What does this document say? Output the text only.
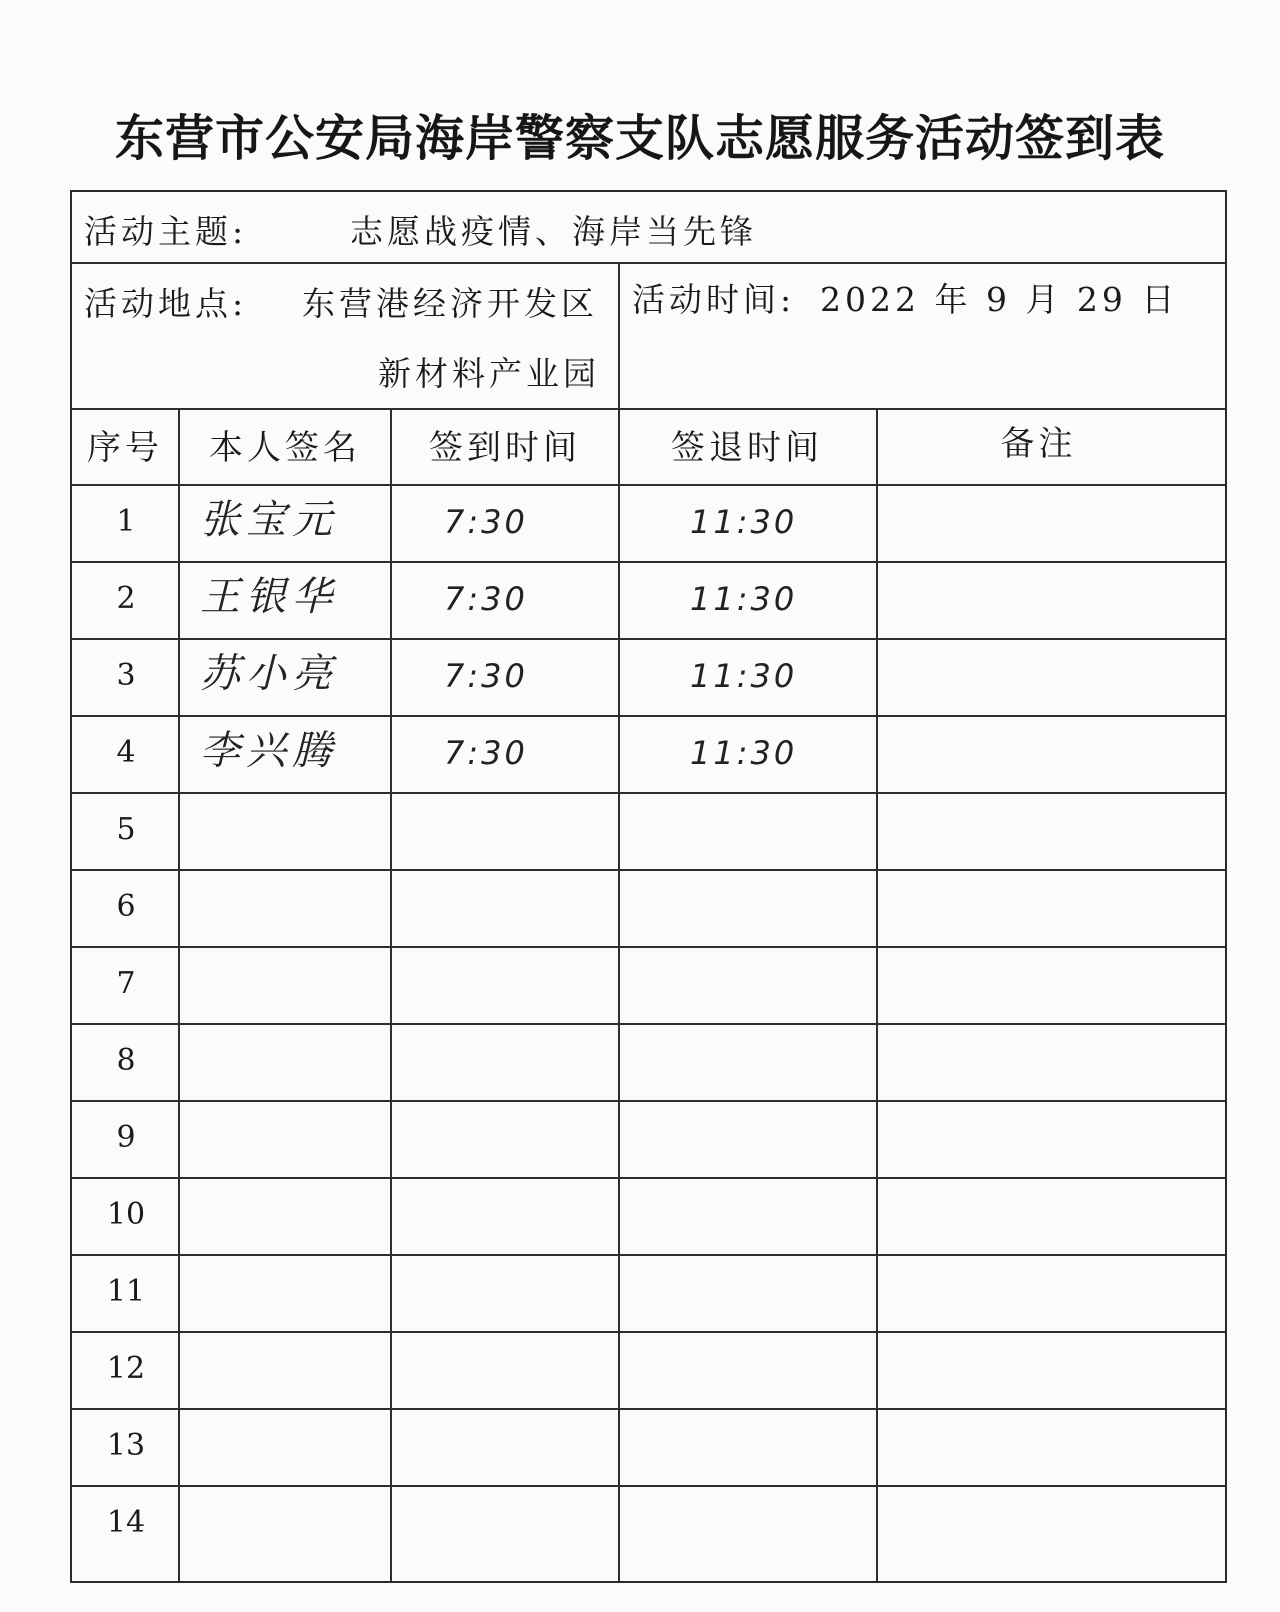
东营市公安局海岸警察支队志愿服务活动签到表
活动主题:	志愿战疫情、海岸当先锋
活动地点: 东营港经济开发区
新材料产业园
活动时间: 2022 年 9 月 29 日
序号	本人签名	签到时间	签退时间	备注
1	张宝元	7:30	11:30
2	王银华	7:30	11:30
3	苏小亮	7:30	11:30
4	李兴腾	7:30	11:30
5
6
7
8
9
10
11
12
13
14
